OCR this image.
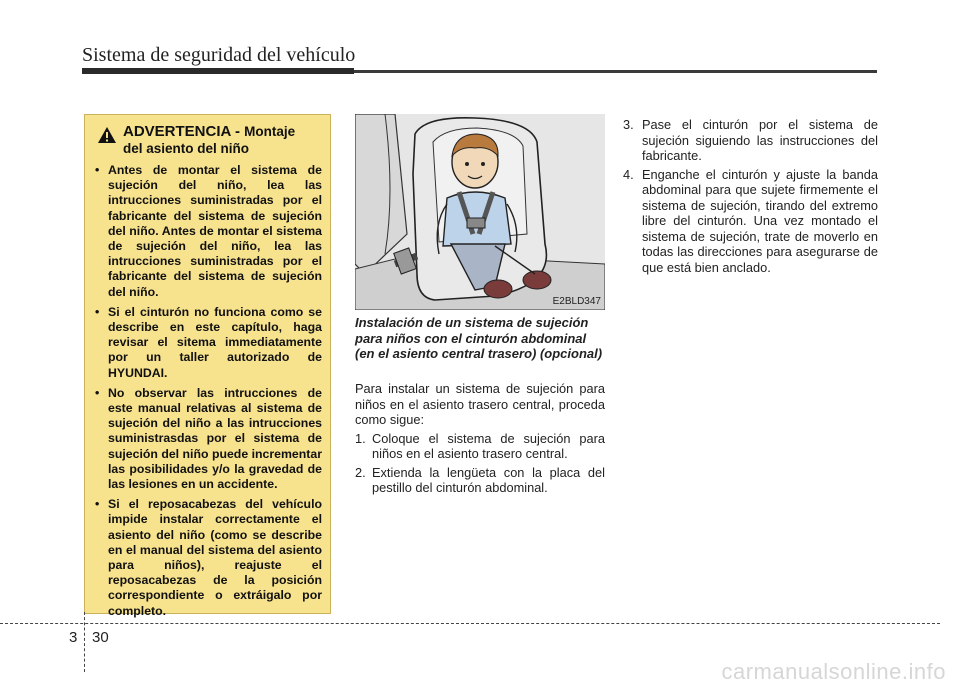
Sistema de seguridad del vehículo
ADVERTENCIA - Montaje
del asiento del niño
• Antes de montar el sistema de sujeción del niño, lea las intrucciones suministradas por el fabricante del sistema de sujeción del niño. Antes de montar el sistema de sujeción del niño, lea las intrucciones suministradas por el fabricante del sistema de sujeción del niño.
• Si el cinturón no funciona como se describe en este capítulo, haga revisar el sitema immediatamente por un taller autorizado de HYUNDAI.
• No observar las intrucciones de este manual relativas al sistema de sujeción del niño a las intrucciones suministrasdas por el sistema de sujeción del niño puede incrementar las posibilidades y/o la gravedad de las lesiones en un accidente.
• Si el reposacabezas del vehículo impide instalar correctamente el asiento del niño (como se describe en el manual del sistema del asiento para niños), reajuste el reposacabezas de la posición correspondiente o extráigalo por completo.
E2BLD347
Instalación de un sistema de sujeción para niños con el cinturón abdominal (en el asiento central trasero) (opcional)

Para instalar un sistema de sujeción para niños en el asiento trasero central, proceda como sigue:

1. Coloque el sistema de sujeción para niños en el asiento trasero central.
2. Extienda la lengüeta con la placa del pestillo del cinturón abdominal.
3. Pase el cinturón por el sistema de sujeción siguiendo las instrucciones del fabricante.
4. Enganche el cinturón y ajuste la banda abdominal para que sujete firmemente el sistema de sujeción, tirando del extremo libre del cinturón. Una vez montado el sistema de sujeción, trate de moverlo en todas las direcciones para asegurarse de que está bien anclado.
3 30
carmanualsonline.info
